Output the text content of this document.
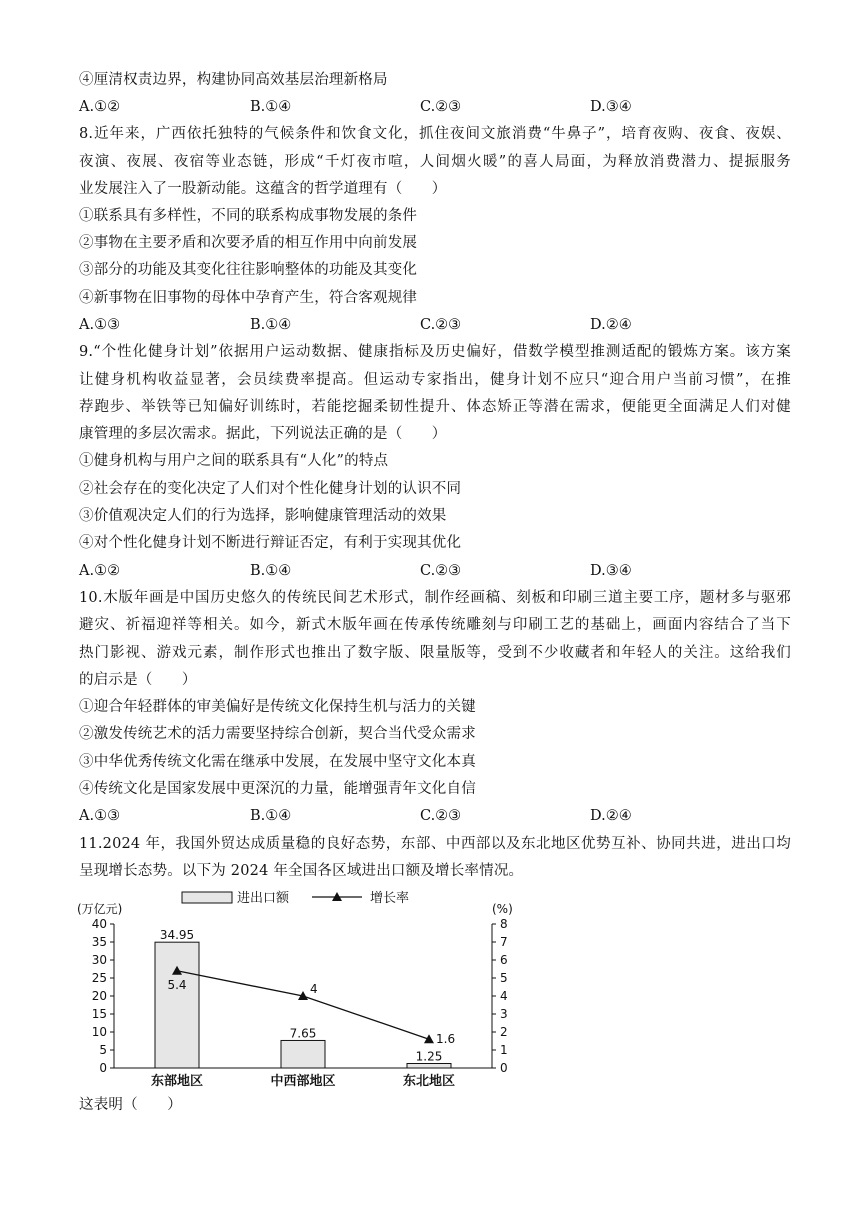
④厘清权责边界，构建协同高效基层治理新格局
A.①②	B.①④	C.②③	D.③④
8.近年来，广西依托独特的气候条件和饮食文化，抓住夜间文旅消费“牛鼻子”，培育夜购、夜食、夜娱、
夜演、夜展、夜宿等业态链，形成“千灯夜市喧，人间烟火暖”的喜人局面，为释放消费潜力、提振服务
业发展注入了一股新动能。这蕴含的哲学道理有（　　）
①联系具有多样性，不同的联系构成事物发展的条件
②事物在主要矛盾和次要矛盾的相互作用中向前发展
③部分的功能及其变化往往影响整体的功能及其变化
④新事物在旧事物的母体中孕育产生，符合客观规律
A.①③	B.①④	C.②③	D.②④
9.“个性化健身计划”依据用户运动数据、健康指标及历史偏好，借数学模型推测适配的锻炼方案。该方案
让健身机构收益显著，会员续费率提高。但运动专家指出，健身计划不应只“迎合用户当前习惯”，在推
荐跑步、举铁等已知偏好训练时，若能挖掘柔韧性提升、体态矫正等潜在需求，便能更全面满足人们对健
康管理的多层次需求。据此，下列说法正确的是（　　）
①健身机构与用户之间的联系具有“人化”的特点
②社会存在的变化决定了人们对个性化健身计划的认识不同
③价值观决定人们的行为选择，影响健康管理活动的效果
④对个性化健身计划不断进行辩证否定，有利于实现其优化
A.①②	B.①④	C.②③	D.③④
10.木版年画是中国历史悠久的传统民间艺术形式，制作经画稿、刻板和印刷三道主要工序，题材多与驱邪
避灾、祈福迎祥等相关。如今，新式木版年画在传承传统雕刻与印刷工艺的基础上，画面内容结合了当下
热门影视、游戏元素，制作形式也推出了数字版、限量版等，受到不少收藏者和年轻人的关注。这给我们
的启示是（　　）
①迎合年轻群体的审美偏好是传统文化保持生机与活力的关键
②激发传统艺术的活力需要坚持综合创新，契合当代受众需求
③中华优秀传统文化需在继承中发展，在发展中坚守文化本真
④传统文化是国家发展中更深沉的力量，能增强青年文化自信
A.①③	B.①④	C.②③	D.②④
11.2024 年，我国外贸达成质量稳的良好态势，东部、中西部以及东北地区优势互补、协同共进，进出口均
呈现增长态势。以下为 2024 年全国各区域进出口额及增长率情况。
进出口额	增长率
(万亿元)	(%)
0
5
10
15
20
25
30
35
40
0
1
2
3
4
5
6
7
8
东部地区	中西部地区	东北地区
34.95
7.65
1.25
5.4	4
1.6
这表明（　　）
